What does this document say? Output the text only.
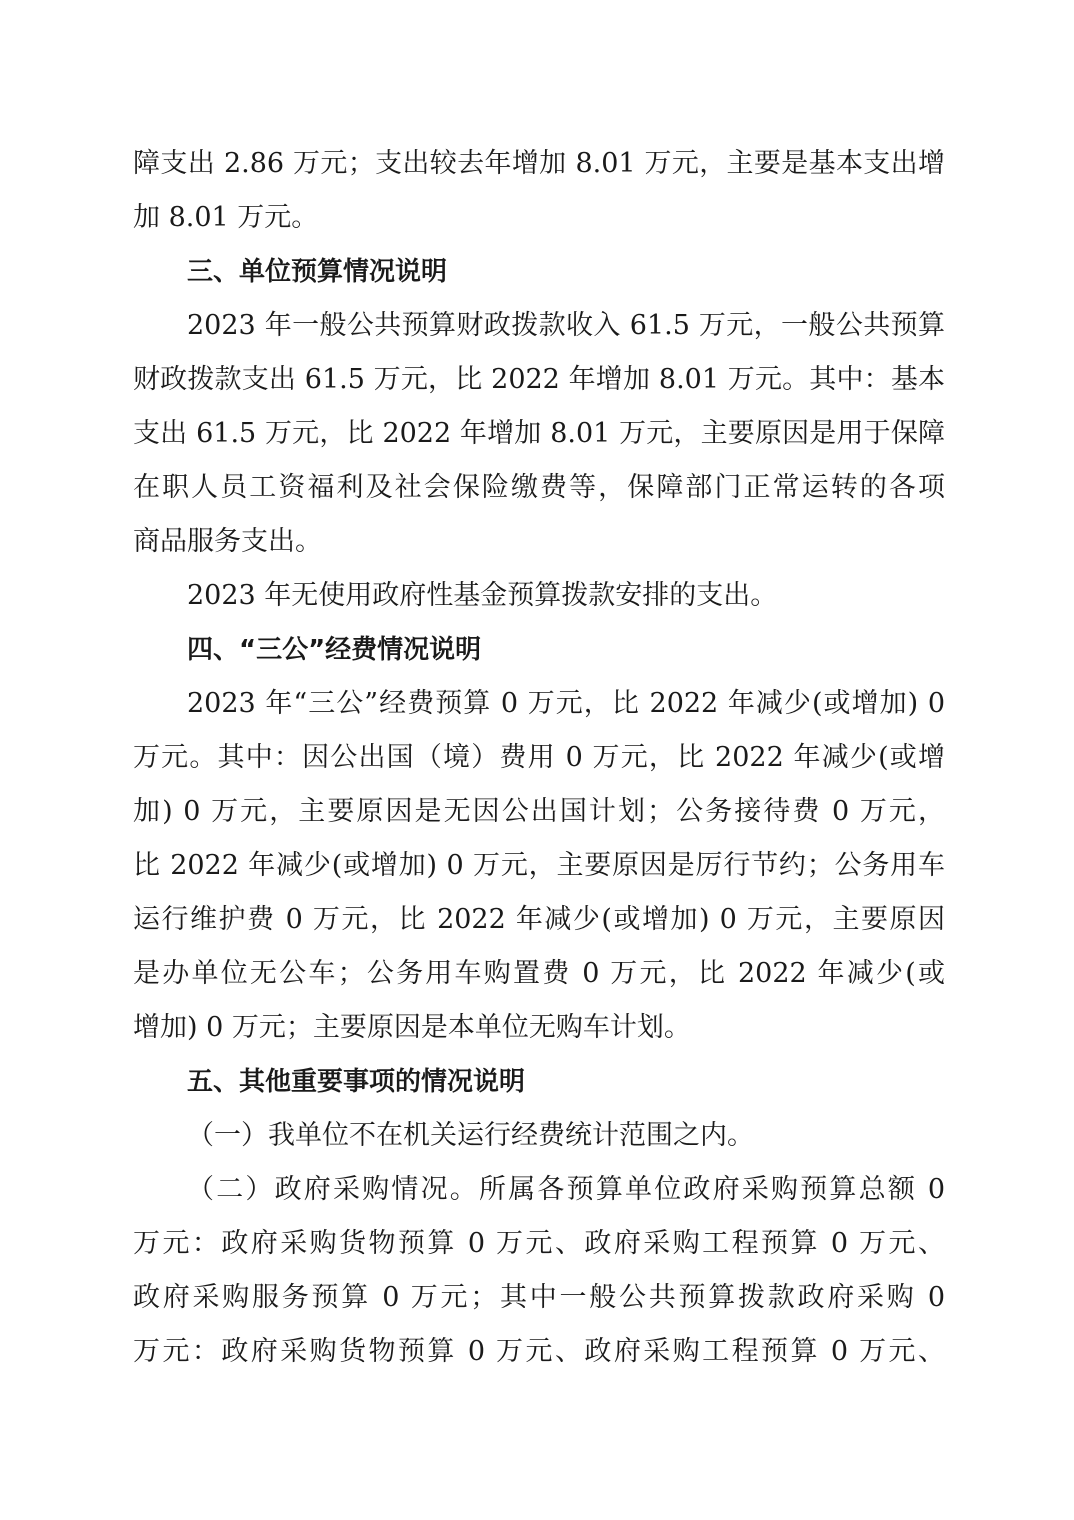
障支出 2.86 万元；支出较去年增加 8.01 万元，主要是基本支出增
加 8.01 万元。
三、单位预算情况说明
2023 年一般公共预算财政拨款收入 61.5 万元，一般公共预算
财政拨款支出 61.5 万元，比 2022 年增加 8.01 万元。其中：基本
支出 61.5 万元，比 2022 年增加 8.01 万元，主要原因是用于保障
在职人员工资福利及社会保险缴费等，保障部门正常运转的各项
商品服务支出。
2023 年无使用政府性基金预算拨款安排的支出。
四、“三公”经费情况说明
2023 年“三公”经费预算 0 万元，比 2022 年减少(或增加) 0
万元。其中：因公出国（境）费用 0 万元，比 2022 年减少(或增
加) 0 万元，主要原因是无因公出国计划；公务接待费 0 万元，
比 2022 年减少(或增加) 0 万元，主要原因是厉行节约；公务用车
运行维护费 0 万元，比 2022 年减少(或增加) 0 万元，主要原因
是办单位无公车；公务用车购置费 0 万元，比 2022 年减少(或
增加) 0 万元；主要原因是本单位无购车计划。
五、其他重要事项的情况说明
（一）我单位不在机关运行经费统计范围之内。
（二）政府采购情况。所属各预算单位政府采购预算总额 0
万元：政府采购货物预算 0 万元、政府采购工程预算 0 万元、
政府采购服务预算 0 万元；其中一般公共预算拨款政府采购 0
万元：政府采购货物预算 0 万元、政府采购工程预算 0 万元、
